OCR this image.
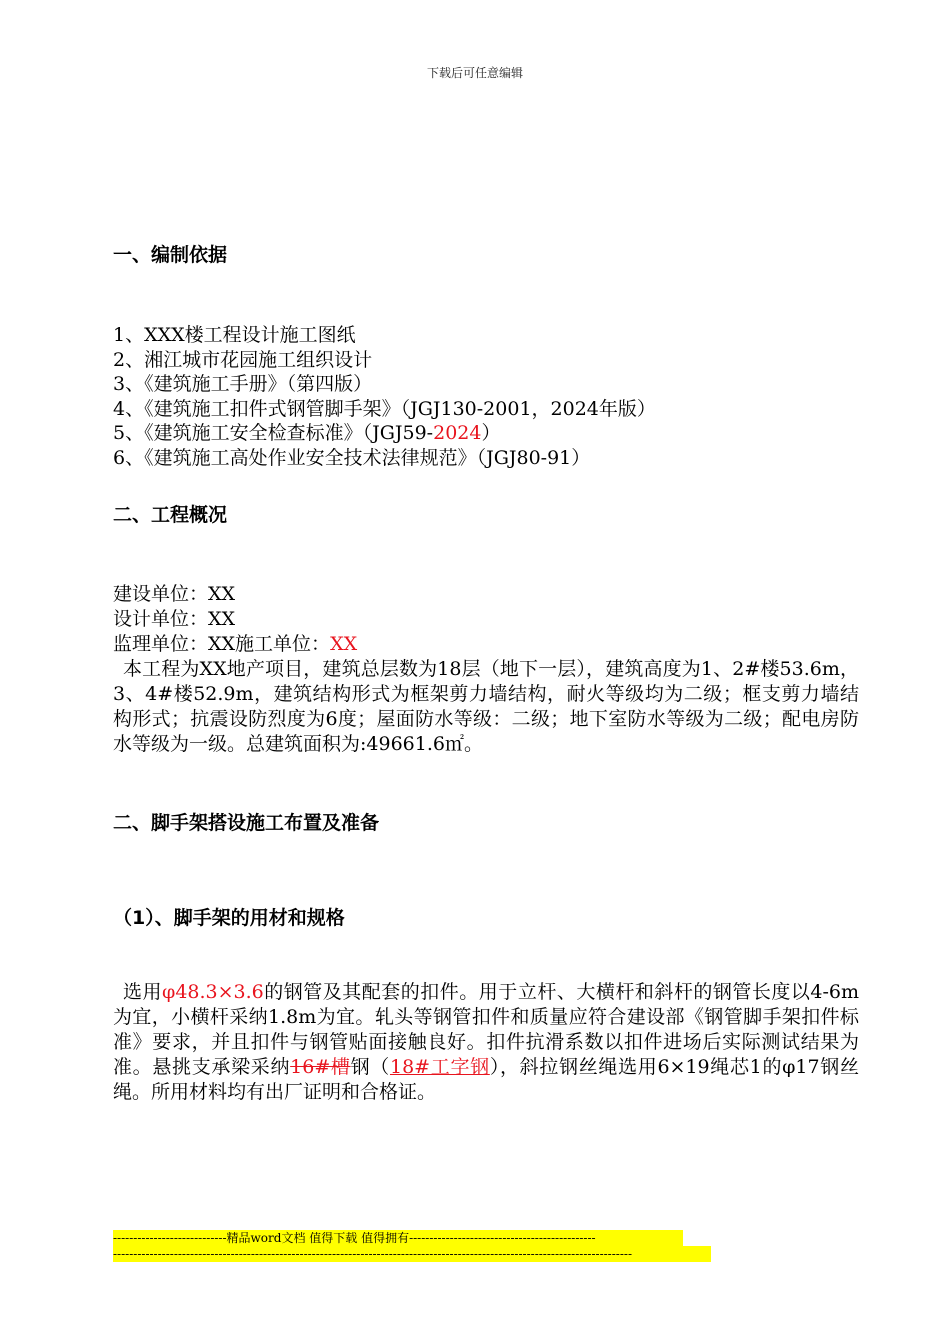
下载后可任意编辑
一、编制依据
1、XXX楼工程设计施工图纸
2、湘江城市花园施工组织设计
3、《建筑施工手册》（第四版）
4、《建筑施工扣件式钢管脚手架》（JGJ130-2001，2024年版）
5、《建筑施工安全检查标准》（JGJ59-2024）
6、《建筑施工高处作业安全技术法律规范》（JGJ80-91）
二、工程概况
建设单位：XX
设计单位：XX
监理单位：XX施工单位：XX
本工程为XX地产项目，建筑总层数为18层（地下一层），建筑高度为1、2#楼53.6m，3、4#楼52.9m，建筑结构形式为框架剪力墙结构，耐火等级均为二级；框支剪力墙结构形式；抗震设防烈度为6度；屋面防水等级：二级；地下室防水等级为二级；配电房防水等级为一级。总建筑面积为:49661.6㎡。
二、脚手架搭设施工布置及准备
（1）、脚手架的用材和规格
选用φ48.3×3.6的钢管及其配套的扣件。用于立杆、大横杆和斜杆的钢管长度以4-6m为宜，小横杆采纳1.8m为宜。轧头等钢管扣件和质量应符合建设部《钢管脚手架扣件标准》要求，并且扣件与钢管贴面接触良好。扣件抗滑系数以扣件进场后实际测试结果为准。悬挑支承梁采纳16#槽钢（18#工字钢），斜拉钢丝绳选用6×19绳芯1的φ17钢丝绳。所用材料均有出厂证明和合格证。
----------------------------精品word文档 值得下载 值得拥有----------------------------------------------
--------------------------------------------------------------------------------------------------------------------------------
